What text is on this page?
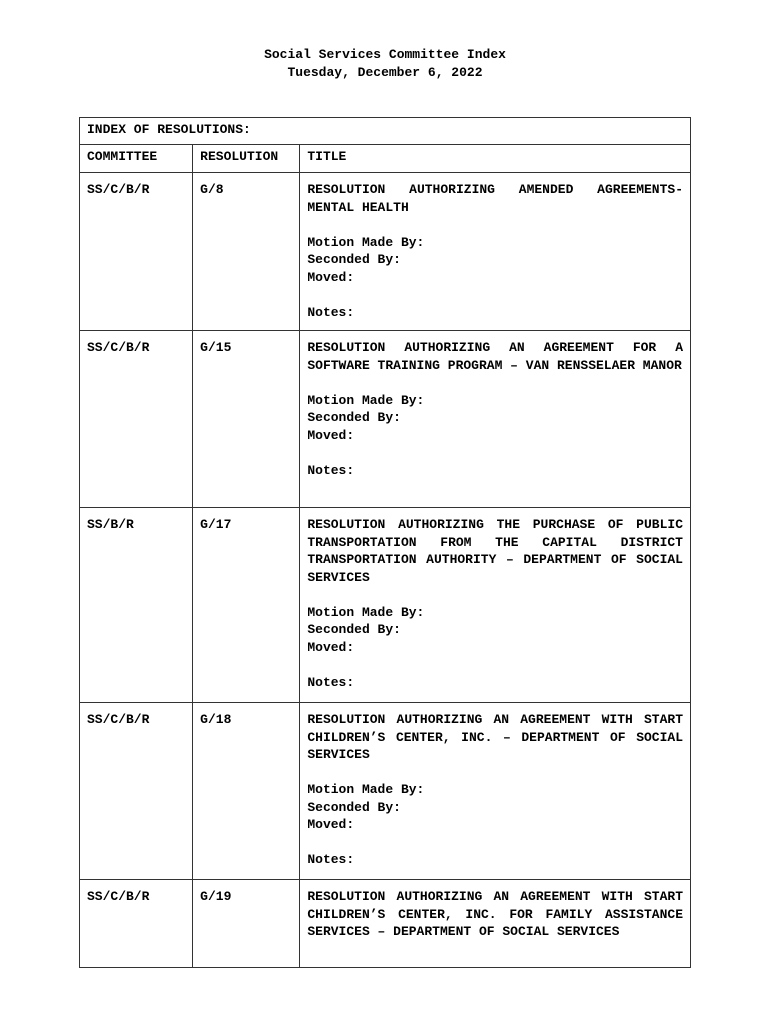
Social Services Committee Index
Tuesday, December 6, 2022
INDEX OF RESOLUTIONS:		
COMMITTEE	RESOLUTION	TITLE
SS/C/B/R	G/8	RESOLUTION AUTHORIZING AMENDED AGREEMENTS- MENTAL HEALTH
Motion Made By:
Seconded By:
Moved:
Notes:

SS/C/B/R	G/15	RESOLUTION AUTHORIZING AN AGREEMENT FOR A SOFTWARE TRAINING PROGRAM – VAN RENSSELAER MANOR
Motion Made By:
Seconded By:
Moved:
Notes:

SS/B/R	G/17	RESOLUTION AUTHORIZING THE PURCHASE OF PUBLIC TRANSPORTATION FROM THE CAPITAL DISTRICT TRANSPORTATION AUTHORITY – DEPARTMENT OF SOCIAL SERVICES
Motion Made By:
Seconded By:
Moved:
Notes:

SS/C/B/R	G/18	RESOLUTION AUTHORIZING AN AGREEMENT WITH START CHILDREN’S CENTER, INC. – DEPARTMENT OF SOCIAL SERVICES
Motion Made By:
Seconded By:
Moved:
Notes:

SS/C/B/R	G/19	RESOLUTION AUTHORIZING AN AGREEMENT WITH START CHILDREN’S CENTER, INC. FOR FAMILY ASSISTANCE SERVICES – DEPARTMENT OF SOCIAL SERVICES
